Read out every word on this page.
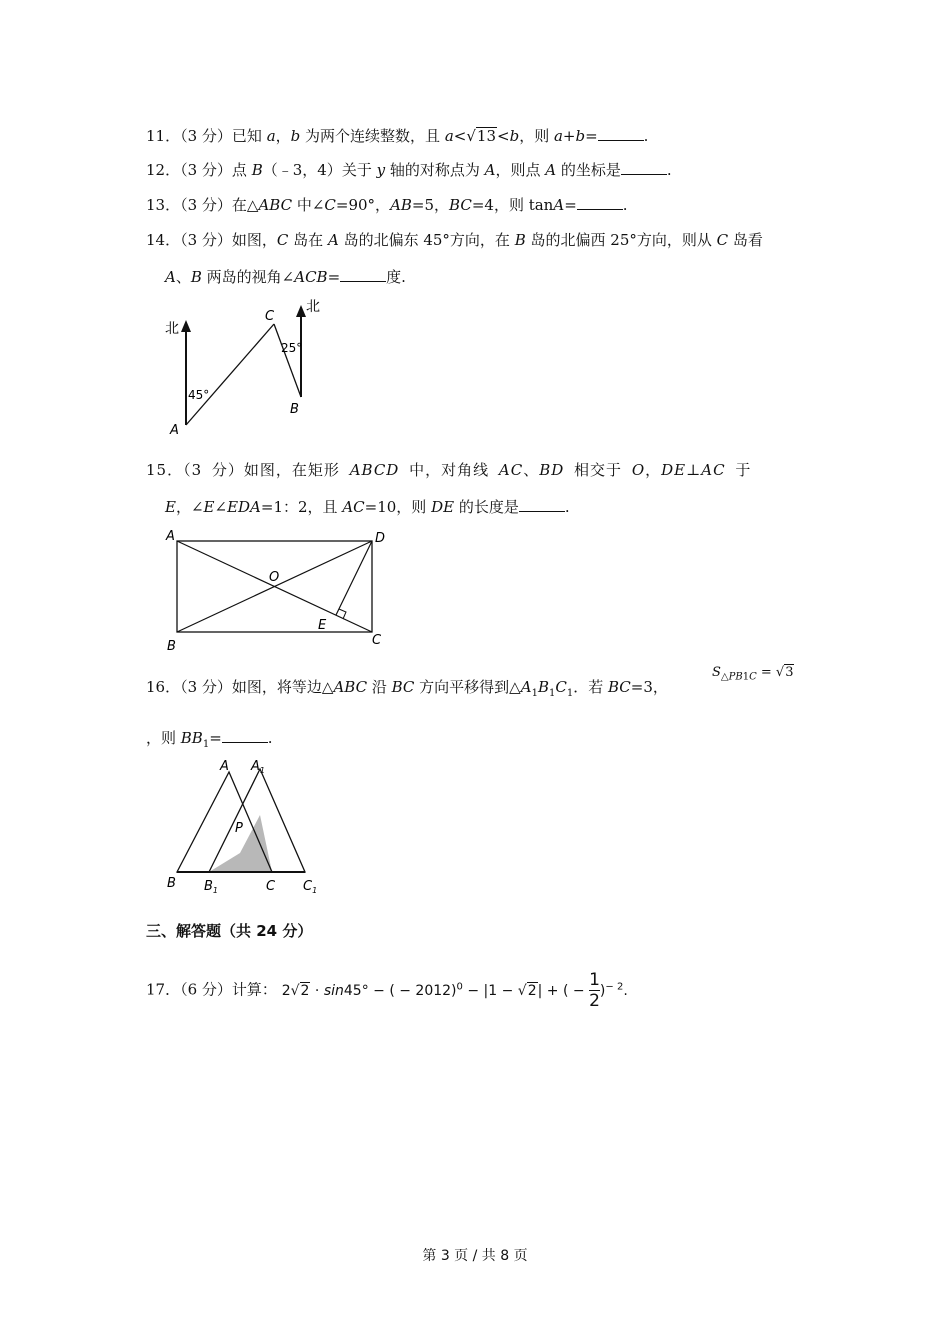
11．（3 分）已知 a，b 为两个连续整数，且 a<√13<b，则 a+b=	.
12．（3 分）点 B（﹣3，4）关于 y 轴的对称点为 A，则点 A 的坐标是	.
13．（3 分）在△ABC 中∠C=90°，AB=5，BC=4，则 tanA=	.
14．（3 分）如图，C 岛在 A 岛的北偏东 45°方向，在 B 岛的北偏西 25°方向，则从 C 岛看
A、B 两岛的视角∠ACB=	度.
北
北
A
B
C
45°
25°
15．（3 分）如图，在矩形 ABCD 中，对角线 AC、BD 相交于 O，DE⊥AC 于
E，∠E∠EDA=1：2，且 AC=10，则 DE 的长度是	.
A
B	C
D
O
E
16．（3 分）如图，将等边△ABC 沿 BC 方向平移得到$\triangle A_1B_1C_1$．若 BC=3，
$S_{\triangle PB1C} = √3$
，则 $BB_1=$	.
A $A_1$
B $B_1$	C $C_1$
P
三、解答题（共 24 分）
17．（6 分）计算： 2√2 · sin45° − ( − 2012)$^0$ − |1 − √2| + ( − $\frac{1}{2} )^{- 2}$.
第 3 页 / 共 8 页
